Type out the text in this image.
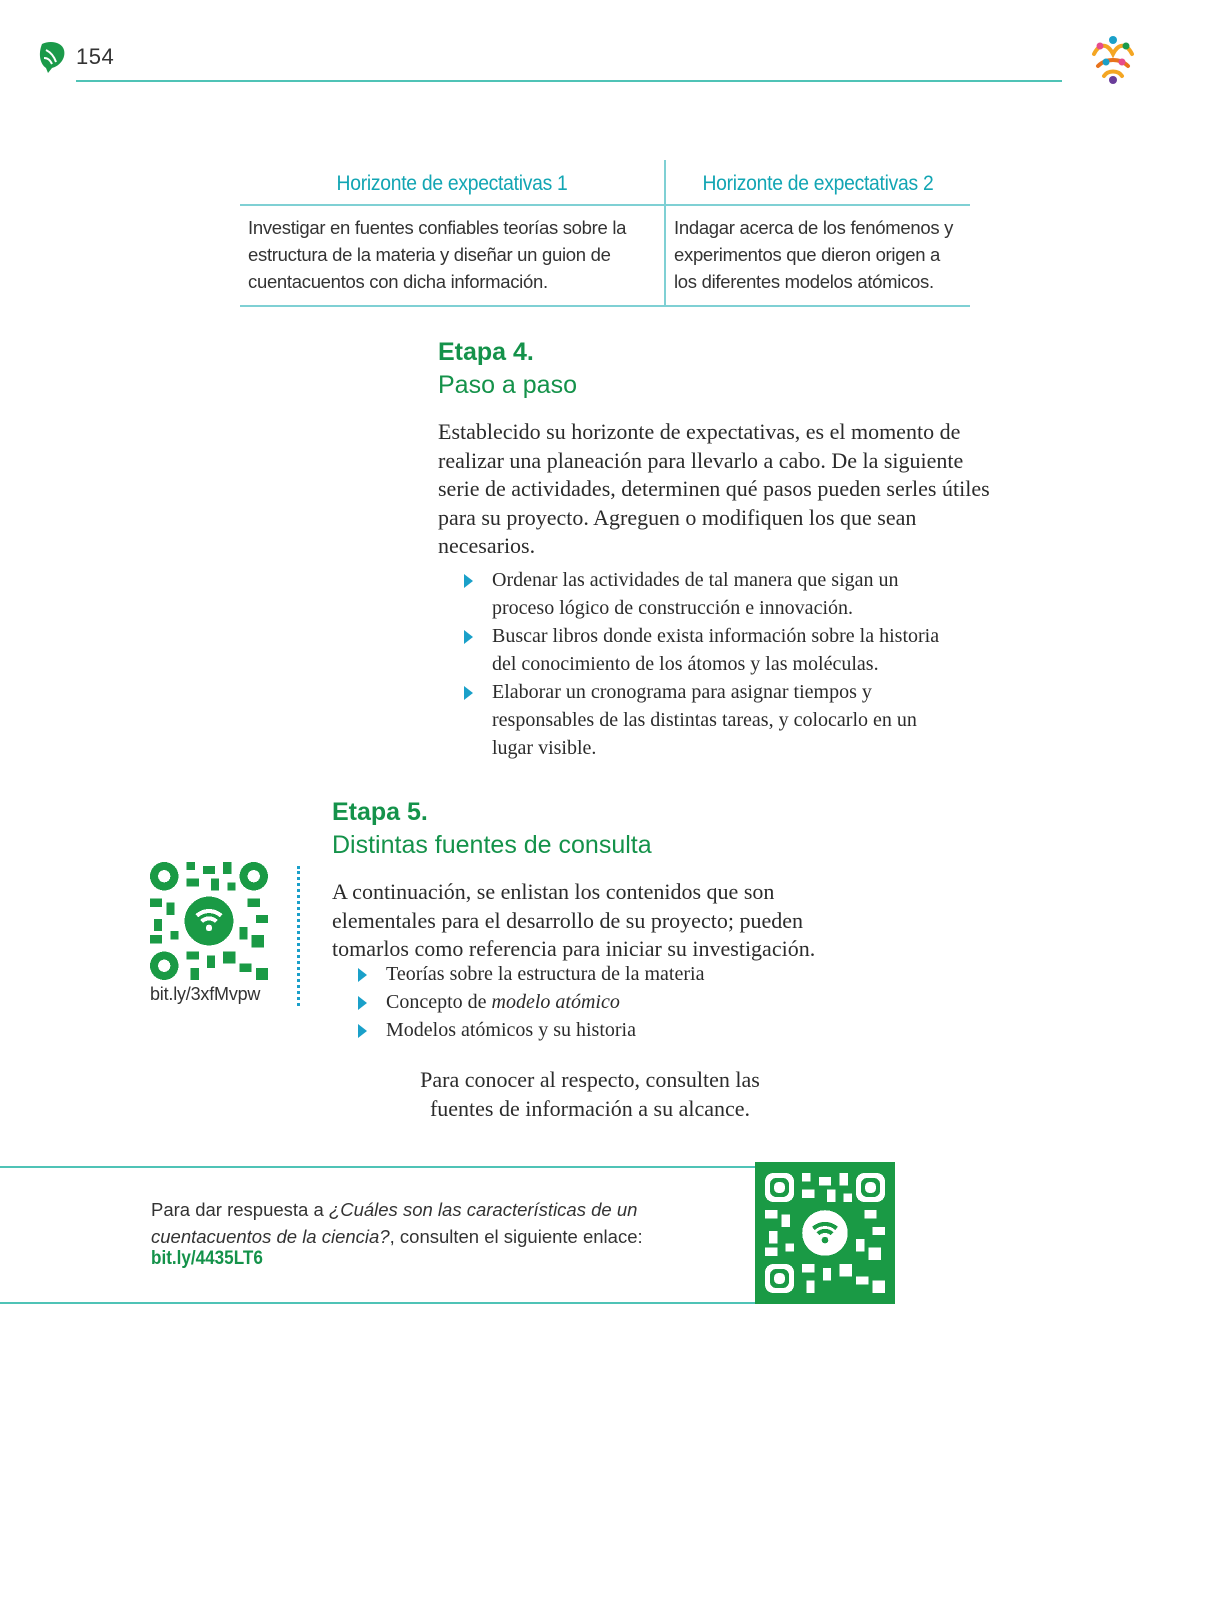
154
Horizonte de expectativas 1	Horizonte de expectativas 2
Investigar en fuentes confiables teorías sobre la estructura de la materia y diseñar un guion de cuentacuentos con dicha información.	Indagar acerca de los fenómenos y experimentos que dieron origen a los diferentes modelos atómicos.
Etapa 4.
Paso a paso

Establecido su horizonte de expectativas, es el momento de realizar una planeación para llevarlo a cabo. De la siguiente serie de actividades, determinen qué pasos pueden serles útiles para su proyecto. Agreguen o modifiquen los que sean necesarios.

Ordenar las actividades de tal manera que sigan un proceso lógico de construcción e innovación.
Buscar libros donde exista información sobre la historia del conocimiento de los átomos y las moléculas.
Elaborar un cronograma para asignar tiempos y responsables de las distintas tareas, y colocarlo en un lugar visible.
Etapa 5.
Distintas fuentes de consulta
bit.ly/3xfMvpw

A continuación, se enlistan los contenidos que son elementales para el desarrollo de su proyecto; pueden tomarlos como referencia para iniciar su investigación.

Teorías sobre la estructura de la materia
Concepto de modelo atómico
Modelos atómicos y su historia

Para conocer al respecto, consulten las fuentes de información a su alcance.

Para dar respuesta a ¿Cuáles son las características de un cuentacuentos de la ciencia?, consulten el siguiente enlace:
bit.ly/4435LT6
